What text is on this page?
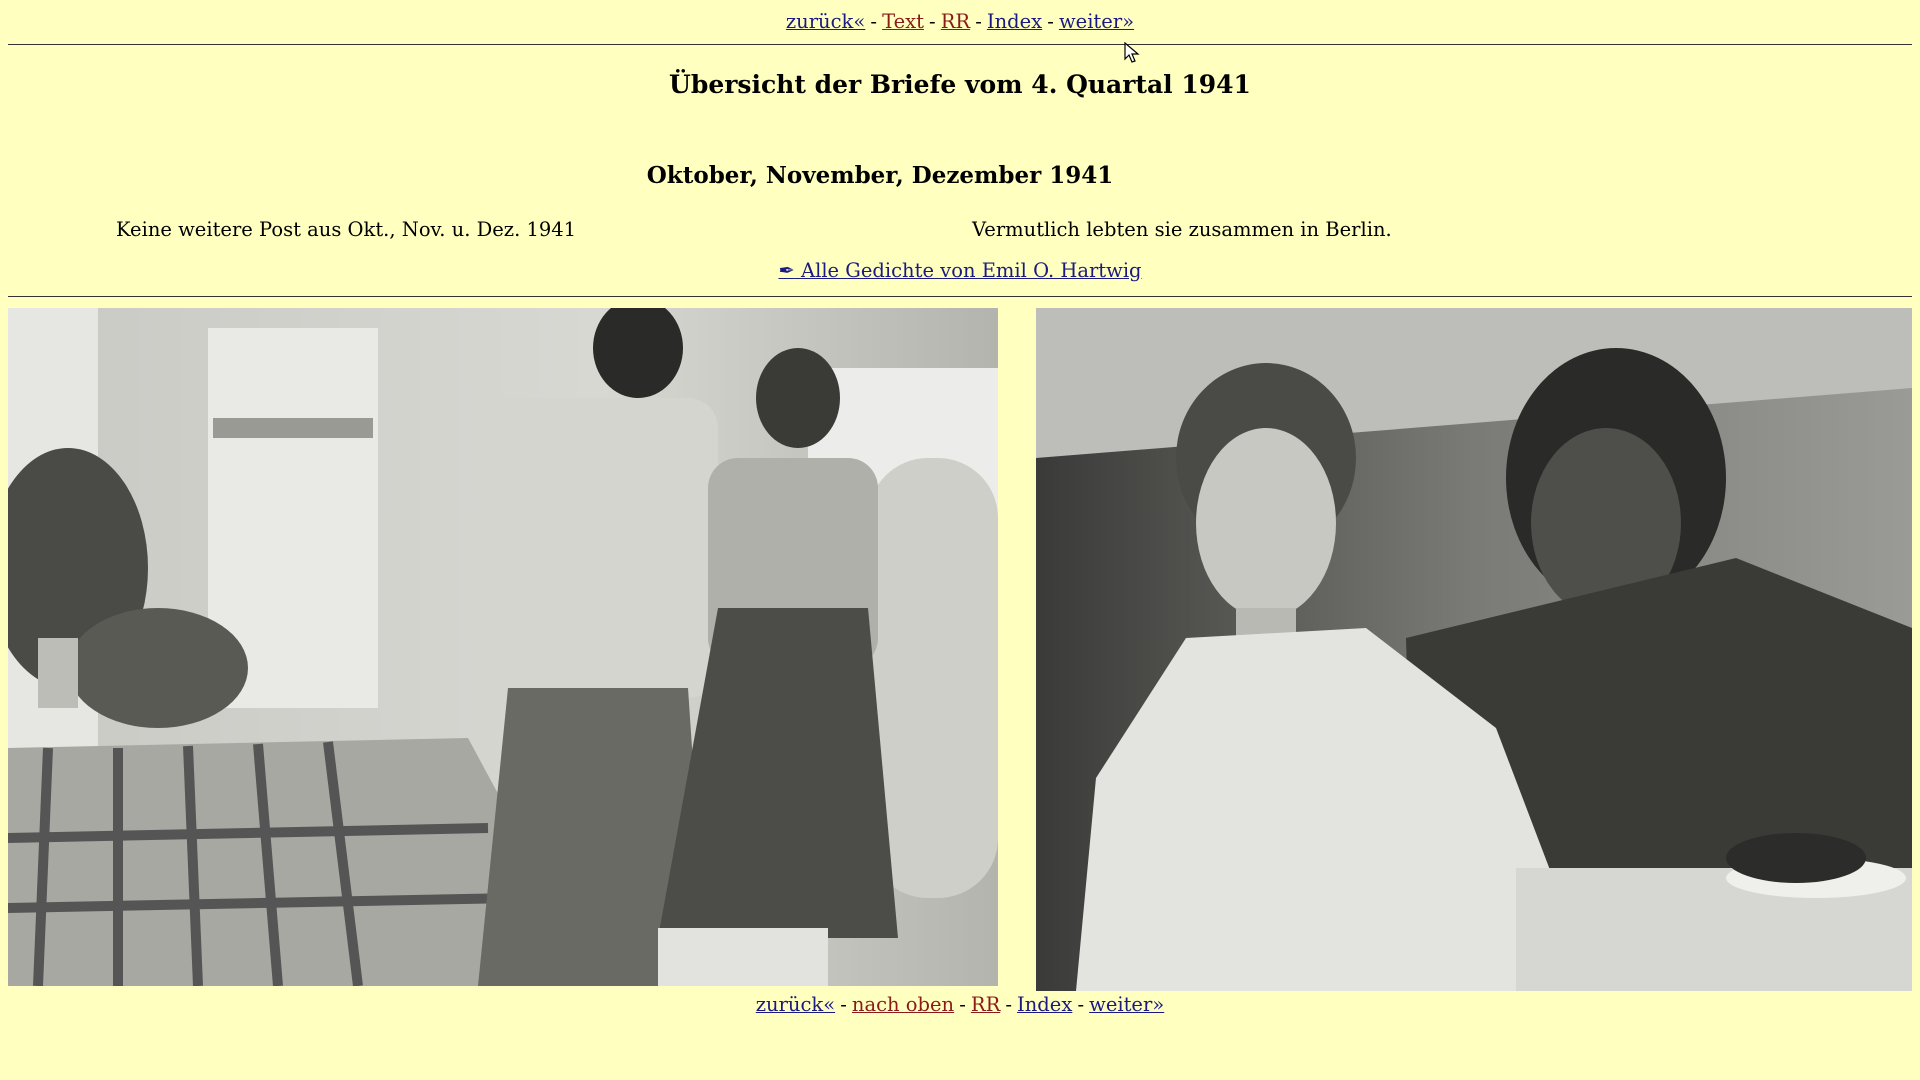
zurück« - Text - RR - Index - weiter»
Übersicht der Briefe vom 4. Quartal 1941
Oktober, November, Dezember 1941
Keine weitere Post aus Okt., Nov. u. Dez. 1941	Vermutlich lebten sie zusammen in Berlin.
✒ Alle Gedichte von Emil O. Hartwig
zurück« - nach oben - RR - Index - weiter»
